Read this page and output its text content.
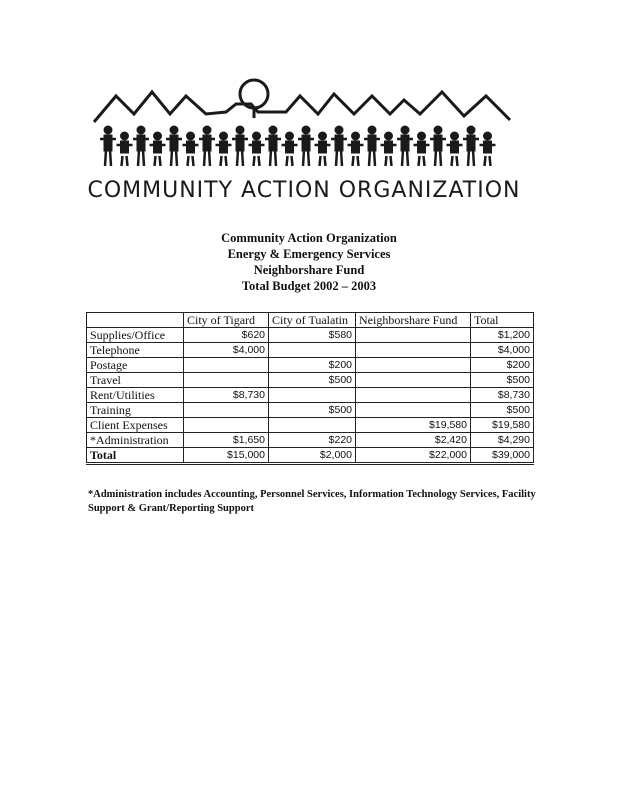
COMMUNITY ACTION ORGANIZATION
Community Action Organization
Energy & Emergency Services
Neighborshare Fund
Total Budget 2002 – 2003
	City of Tigard	City of Tualatin	Neighborshare Fund	Total
Supplies/Office	$620	$580		$1,200
Telephone	$4,000			$4,000
Postage		$200		$200
Travel		$500		$500
Rent/Utilities	$8,730			$8,730
Training		$500		$500
Client Expenses			$19,580	$19,580
*Administration	$1,650	$220	$2,420	$4,290
Total	$15,000	$2,000	$22,000	$39,000
*Administration includes Accounting, Personnel Services, Information Technology Services, Facility Support & Grant/Reporting Support
